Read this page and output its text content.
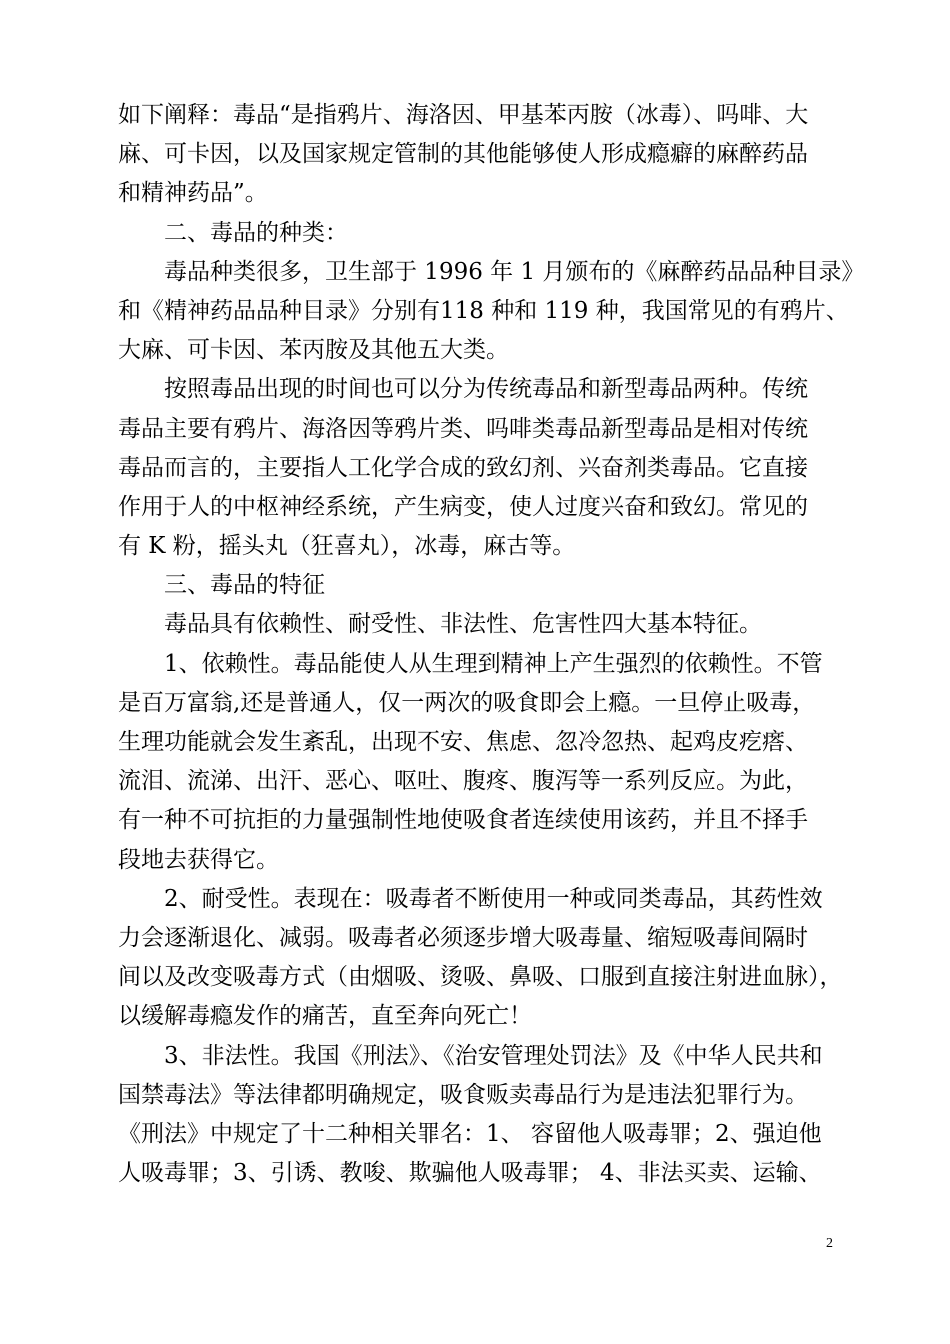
如下阐释：毒品“是指鸦片、海洛因、甲基苯丙胺（冰毒）、吗啡、大
麻、可卡因，以及国家规定管制的其他能够使人形成瘾癖的麻醉药品
和精神药品”。
二、毒品的种类：
毒品种类很多，卫生部于 1996 年 1 月颁布的《麻醉药品品种目录》
和《精神药品品种目录》分别有118 种和 119 种，我国常见的有鸦片、
大麻、可卡因、苯丙胺及其他五大类。
按照毒品出现的时间也可以分为传统毒品和新型毒品两种。传统
毒品主要有鸦片、海洛因等鸦片类、吗啡类毒品新型毒品是相对传统
毒品而言的，主要指人工化学合成的致幻剂、兴奋剂类毒品。它直接
作用于人的中枢神经系统，产生病变，使人过度兴奋和致幻。常见的
有 K 粉，摇头丸（狂喜丸），冰毒，麻古等。
三、毒品的特征
毒品具有依赖性、耐受性、非法性、危害性四大基本特征。
1、依赖性。毒品能使人从生理到精神上产生强烈的依赖性。不管
是百万富翁,还是普通人，仅一两次的吸食即会上瘾。一旦停止吸毒，
生理功能就会发生紊乱，出现不安、焦虑、忽冷忽热、起鸡皮疙瘩、
流泪、流涕、出汗、恶心、呕吐、腹疼、腹泻等一系列反应。为此，
有一种不可抗拒的力量强制性地使吸食者连续使用该药，并且不择手
段地去获得它。
2、耐受性。表现在：吸毒者不断使用一种或同类毒品，其药性效
力会逐渐退化、减弱。吸毒者必须逐步增大吸毒量、缩短吸毒间隔时
间以及改变吸毒方式（由烟吸、烫吸、鼻吸、口服到直接注射进血脉），
以缓解毒瘾发作的痛苦，直至奔向死亡！
3、非法性。我国《刑法》、《治安管理处罚法》及《中华人民共和
国禁毒法》等法律都明确规定，吸食贩卖毒品行为是违法犯罪行为。
《刑法》中规定了十二种相关罪名：1、 容留他人吸毒罪；2、强迫他
人吸毒罪；3、引诱、教唆、欺骗他人吸毒罪； 4、非法买卖、运输、
2
